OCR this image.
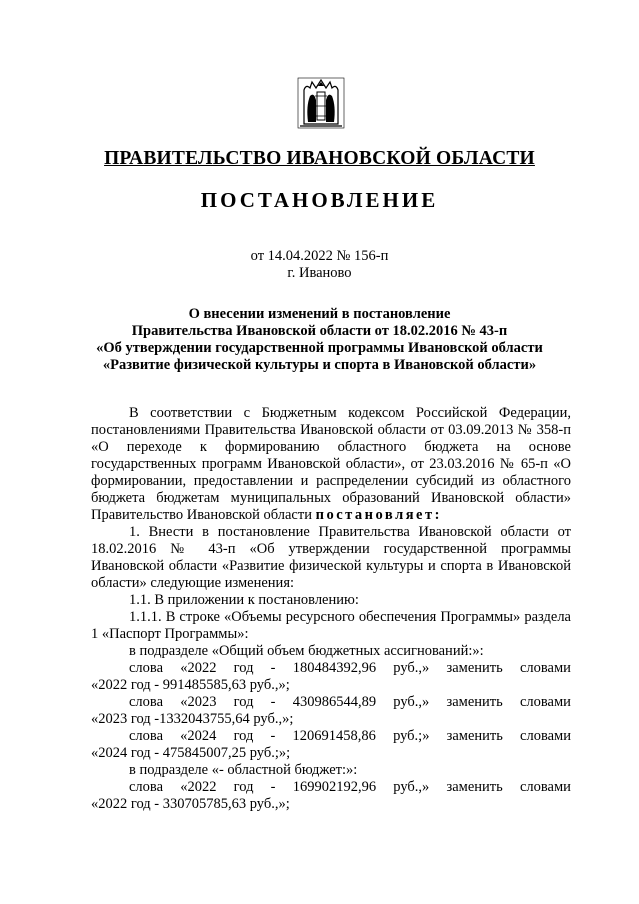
ПРАВИТЕЛЬСТВО ИВАНОВСКОЙ ОБЛАСТИ
ПОСТАНОВЛЕНИЕ
от 14.04.2022 № 156-п
г. Иваново
О внесении изменений в постановление
Правительства Ивановской области от 18.02.2016 № 43-п
«Об утверждении государственной программы Ивановской области
«Развитие физической культуры и спорта в Ивановской области»

В соответствии с Бюджетным кодексом Российской Федерации, постановлениями Правительства Ивановской области от 03.09.2013 № 358-п «О переходе к формированию областного бюджета на основе государственных программ Ивановской области», от 23.03.2016 № 65-п «О формировании, предоставлении и распределении субсидий из областного бюджета бюджетам муниципальных образований Ивановской области» Правительство Ивановской области постановляет:

1. Внести в постановление Правительства Ивановской области от 18.02.2016 № 43-п «Об утверждении государственной программы Ивановской области «Развитие физической культуры и спорта в Ивановской области» следующие изменения:

1.1. В приложении к постановлению:

1.1.1. В строке «Объемы ресурсного обеспечения Программы» раздела 1 «Паспорт Программы»:

в подразделе «Общий объем бюджетных ассигнований:»:

слова «2022 год - 180484392,96 руб.,» заменить словами

«2022 год - 991485585,63 руб.,»;

слова «2023 год - 430986544,89 руб.,» заменить словами

«2023 год -1332043755,64 руб.,»;

слова «2024 год - 120691458,86 руб.;» заменить словами

«2024 год - 475845007,25 руб.;»;

в подразделе «- областной бюджет:»:

слова «2022 год - 169902192,96 руб.,» заменить словами

«2022 год - 330705785,63 руб.,»;
